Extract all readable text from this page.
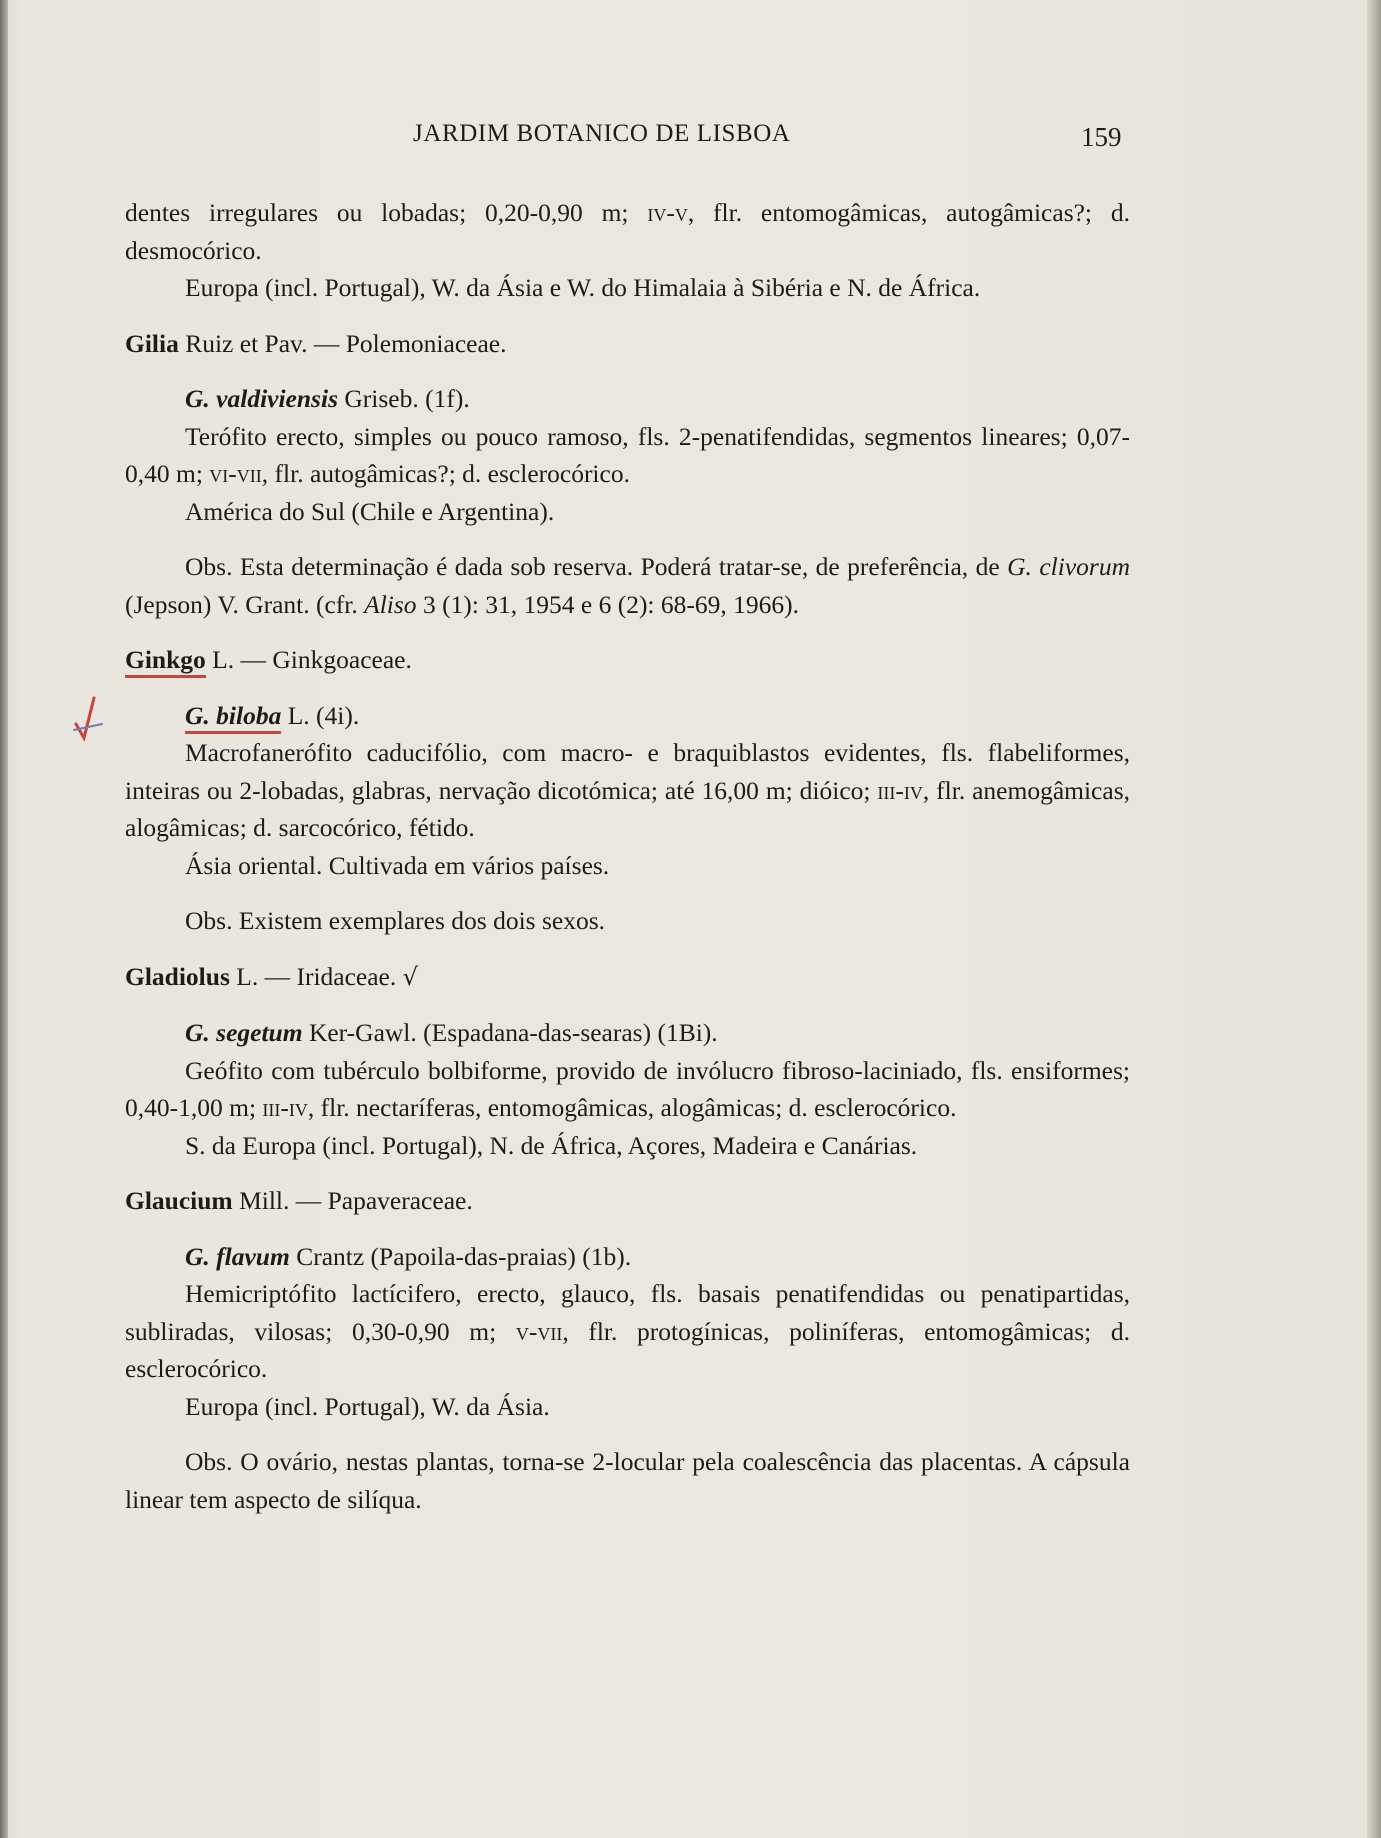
JARDIM BOTANICO DE LISBOA	159

dentes irregulares ou lobadas; 0,20-0,90 m; iv-v, flr. entomogâmicas, autogâmicas?; d. desmocórico.

Europa (incl. Portugal), W. da Ásia e W. do Himalaia à Sibéria e N. de África.

Gilia Ruiz et Pav. — Polemoniaceae.

G. valdiviensis Griseb. (1f).

Terófito erecto, simples ou pouco ramoso, fls. 2-penatifendidas, segmentos lineares; 0,07-0,40 m; vi-vii, flr. autogâmicas?; d. esclerocórico.

América do Sul (Chile e Argentina).

Obs. Esta determinação é dada sob reserva. Poderá tratar-se, de preferência, de G. clivorum (Jepson) V. Grant. (cfr. Aliso 3 (1): 31, 1954 e 6 (2): 68-69, 1966).

Ginkgo L. — Ginkgoaceae.

G. biloba L. (4i).

Macrofanerófito caducifólio, com macro- e braquiblastos evidentes, fls. flabeliformes, inteiras ou 2-lobadas, glabras, nervação dicotómica; até 16,00 m; dióico; iii-iv, flr. anemogâmicas, alogâmicas; d. sarcocórico, fétido.

Ásia oriental. Cultivada em vários países.

Obs. Existem exemplares dos dois sexos.

Gladiolus L. — Iridaceae. √

G. segetum Ker-Gawl. (Espadana-das-searas) (1Bi).

Geófito com tubérculo bolbiforme, provido de invólucro fibroso-laciniado, fls. ensiformes; 0,40-1,00 m; iii-iv, flr. nectaríferas, entomogâmicas, alogâmicas; d. esclerocórico.

S. da Europa (incl. Portugal), N. de África, Açores, Madeira e Canárias.

Glaucium Mill. — Papaveraceae.

G. flavum Crantz (Papoila-das-praias) (1b).

Hemicriptófito lactícifero, erecto, glauco, fls. basais penatifendidas ou penatipartidas, subliradas, vilosas; 0,30-0,90 m; v-vii, flr. protogínicas, poliníferas, entomogâmicas; d. esclerocórico.

Europa (incl. Portugal), W. da Ásia.

Obs. O ovário, nestas plantas, torna-se 2-locular pela coalescência das placentas. A cápsula linear tem aspecto de silíqua.
